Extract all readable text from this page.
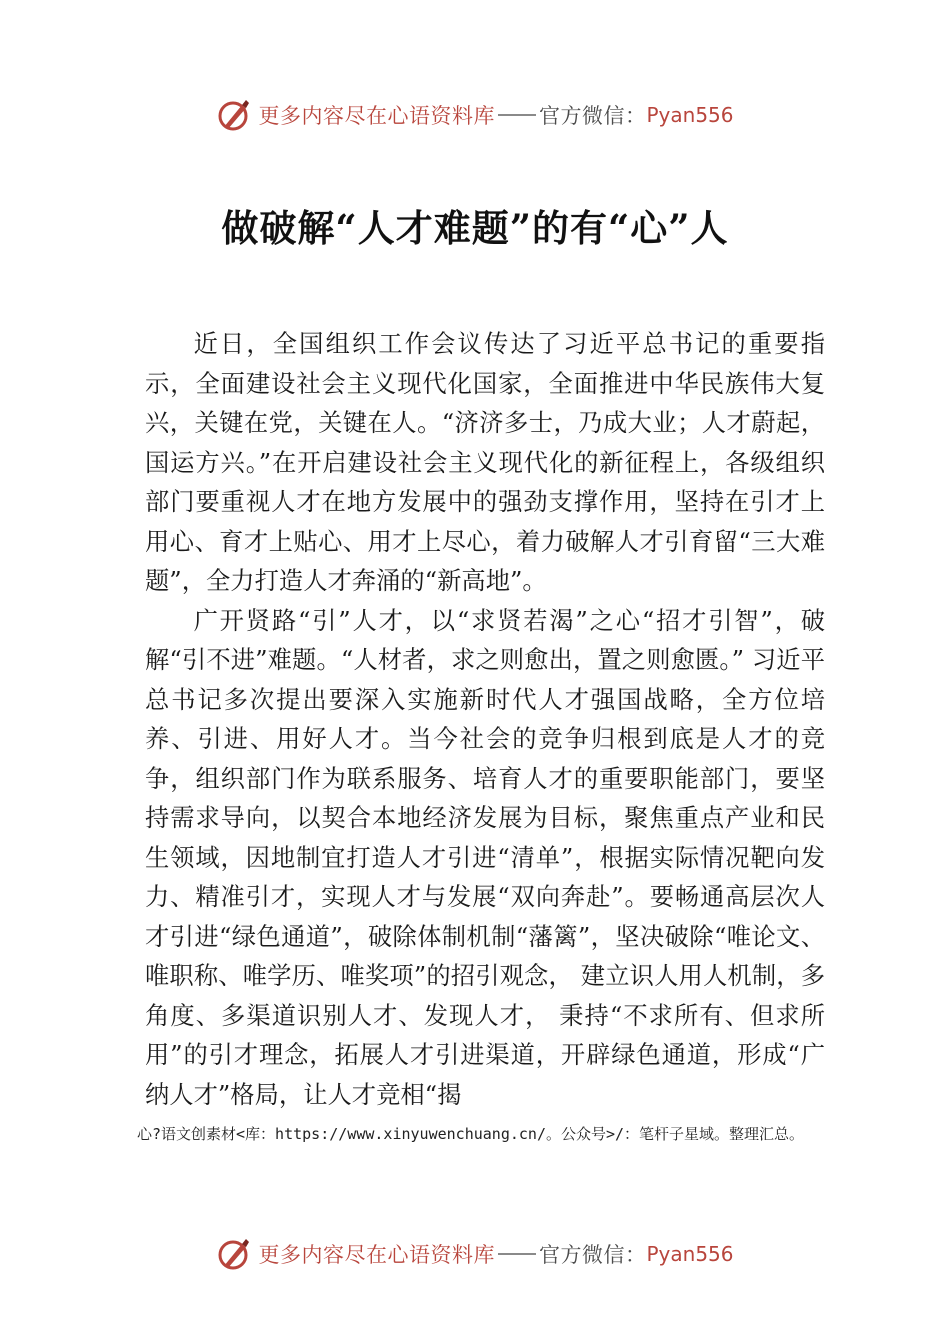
更多内容尽在心语资料库 官方微信： Pyan556
做破解“人才难题”的有“心”人

近日，全国组织工作会议传达了习近平总书记的重要指示，全面建设社会主义现代化国家，全面推进中华民族伟大复兴，关键在党，关键在人。“济济多士，乃成大业；人才蔚起，国运方兴。”在开启建设社会主义现代化的新征程上，各级组织部门要重视人才在地方发展中的强劲支撑作用，坚持在引才上用心、育才上贴心、用才上尽心，着力破解人才引育留“三大难题”，全力打造人才奔涌的“新高地”。

广开贤路“引”人才，以“求贤若渴”之心“招才引智”，破解“引不进”难题。“人材者，求之则愈出，置之则愈匮。” 习近平总书记多次提出要深入实施新时代人才强国战略，全方位培养、引进、用好人才。当今社会的竞争归根到底是人才的竞争，组织部门作为联系服务、培育人才的重要职能部门，要坚持需求导向，以契合本地经济发展为目标，聚焦重点产业和民生领域，因地制宜打造人才引进“清单”，根据实际情况靶向发力、精准引才，实现人才与发展“双向奔赴”。要畅通高层次人才引进“绿色通道”，破除体制机制“藩篱”，坚决破除“唯论文、唯职称、唯学历、唯奖项”的招引观念， 建立识人用人机制，多角度、多渠道识别人才、发现人才， 秉持“不求所有、但求所用”的引才理念，拓展人才引进渠道，开辟绿色通道，形成“广纳人才”格局，让人才竞相“揭

心?语文创素材<库：https://www.xinyuwenchuang.cn/。公众号>/：笔杆子星域。整理汇总。
更多内容尽在心语资料库 官方微信： Pyan556
